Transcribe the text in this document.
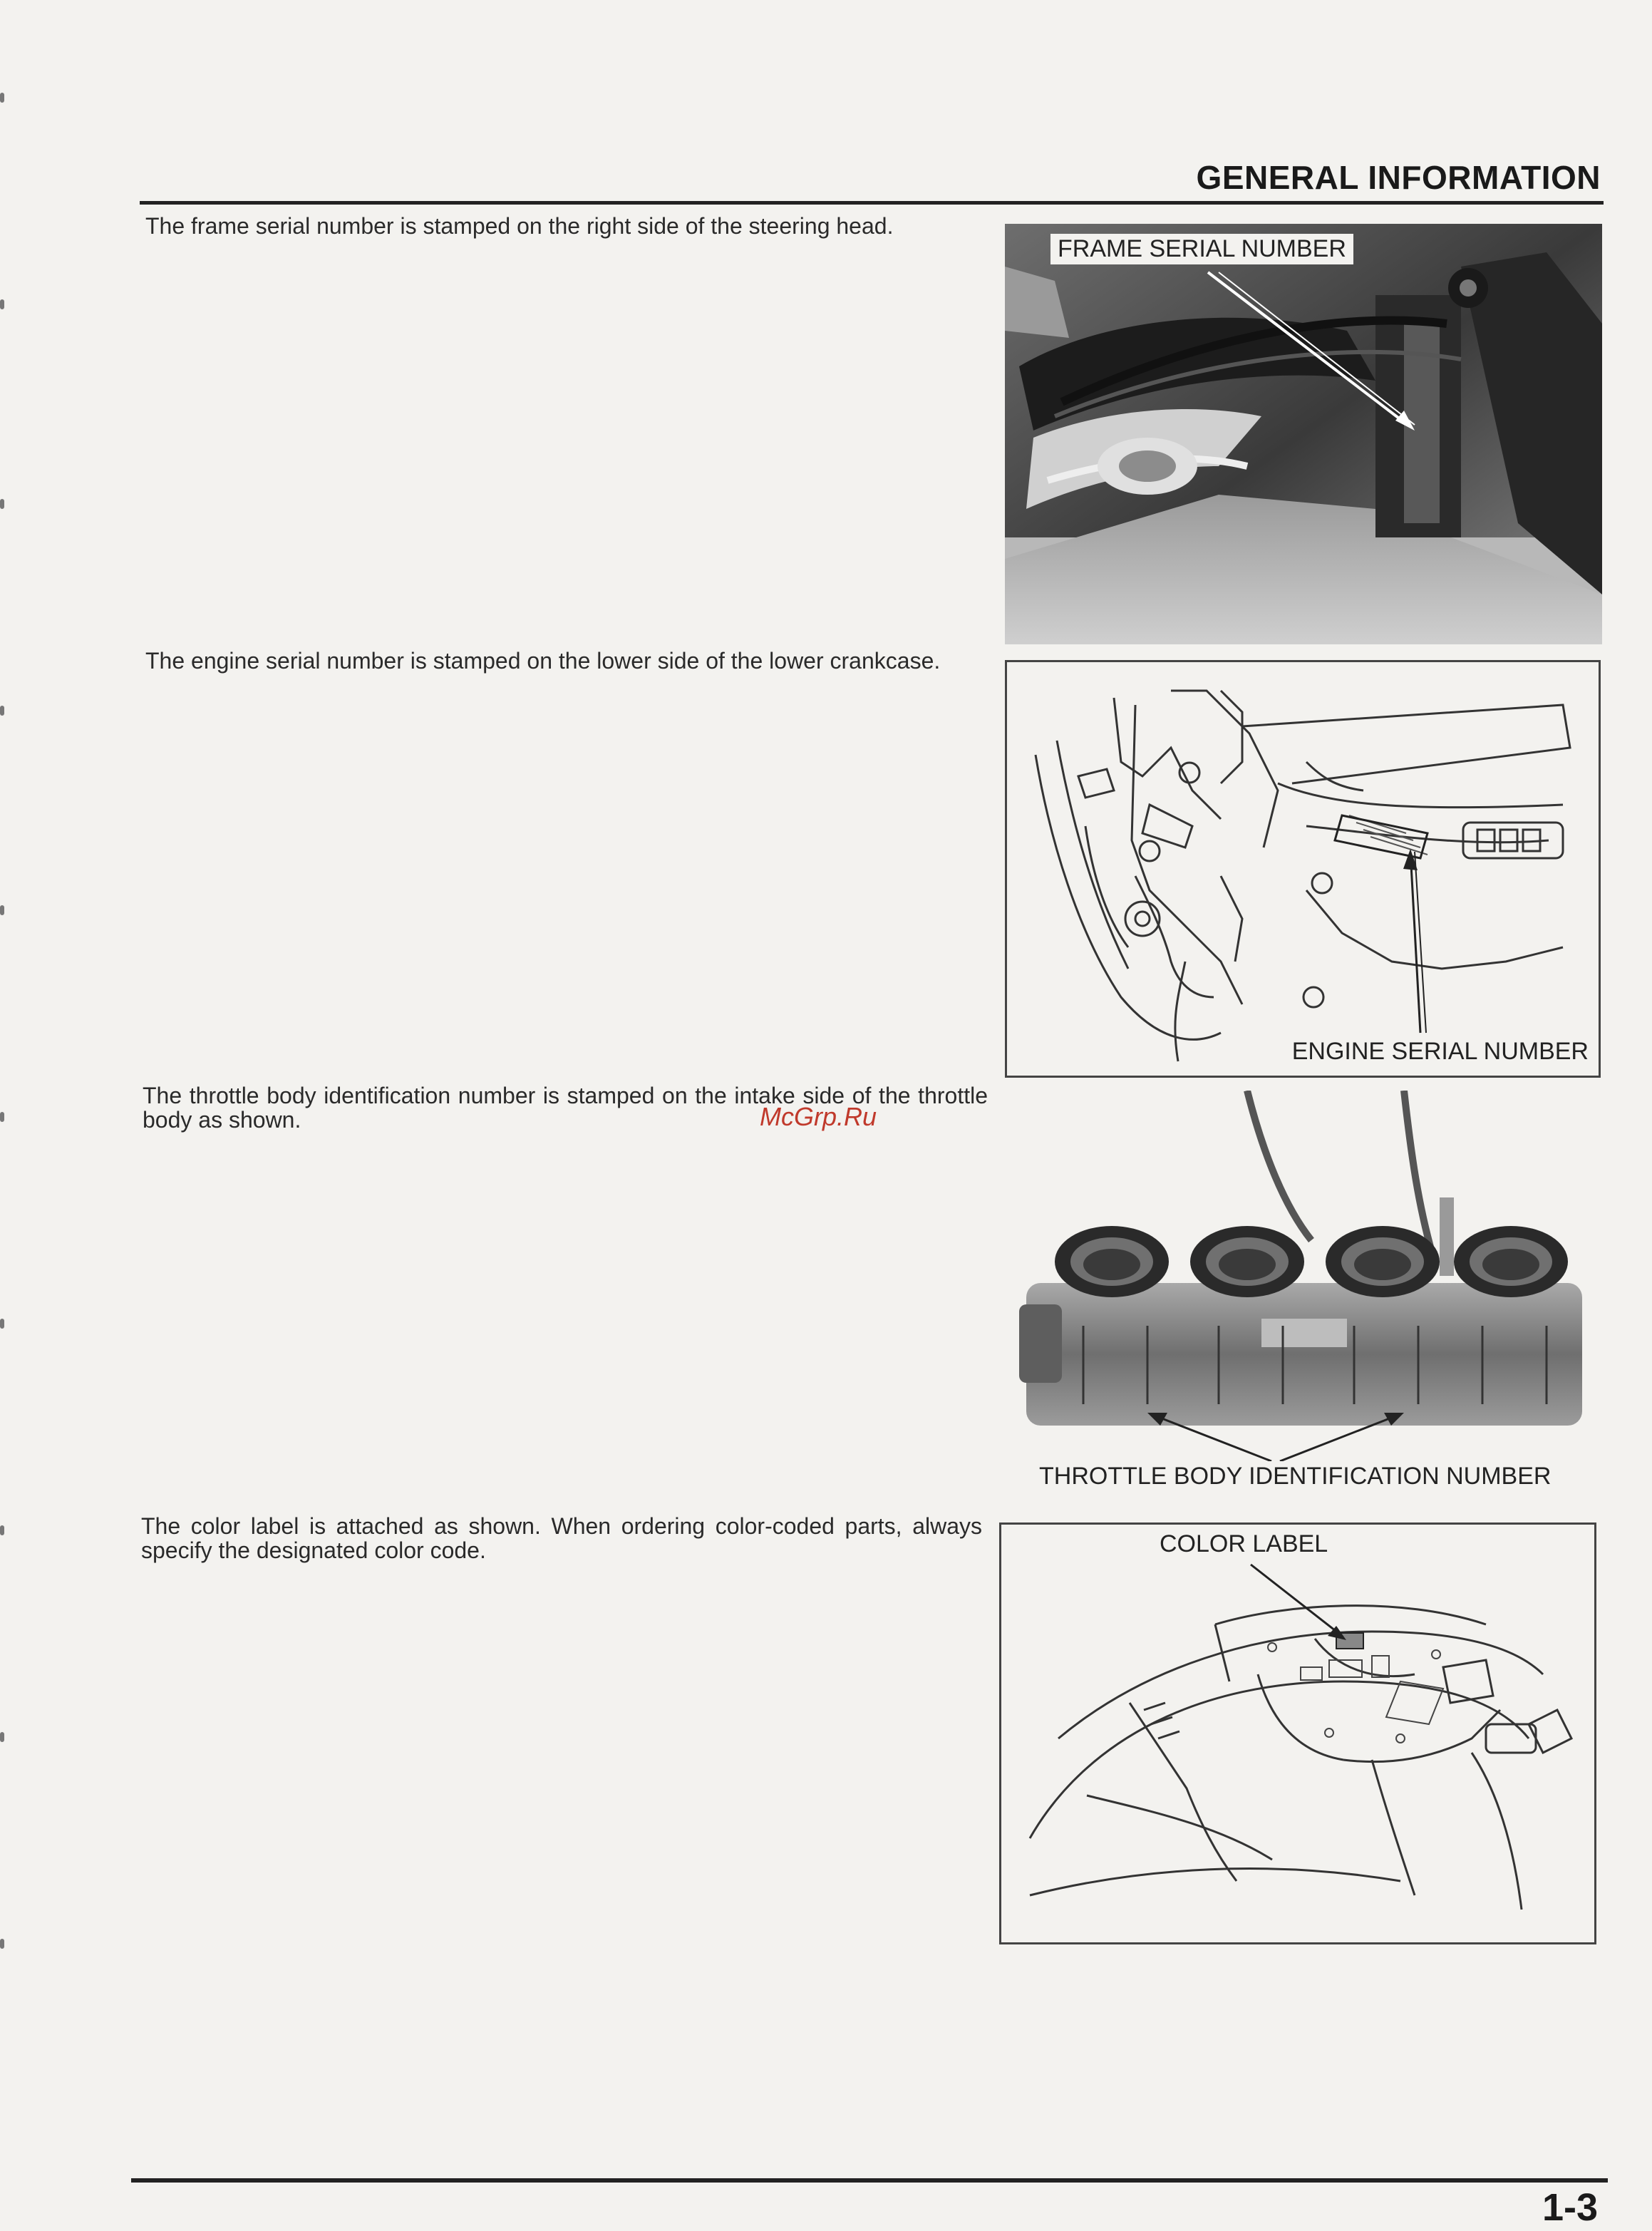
GENERAL INFORMATION
The frame serial number is stamped on the right side of the steering head.
FRAME SERIAL NUMBER
The engine serial number is stamped on the lower side of the lower crankcase.
ENGINE SERIAL NUMBER
The throttle body identification number is stamped on the intake side of the throttle body as shown.	McGrp.Ru
THROTTLE BODY IDENTIFICATION NUMBER
The color label is attached as shown. When ordering color-coded parts, always specify the designated color code.	COLOR LABEL
1-3
